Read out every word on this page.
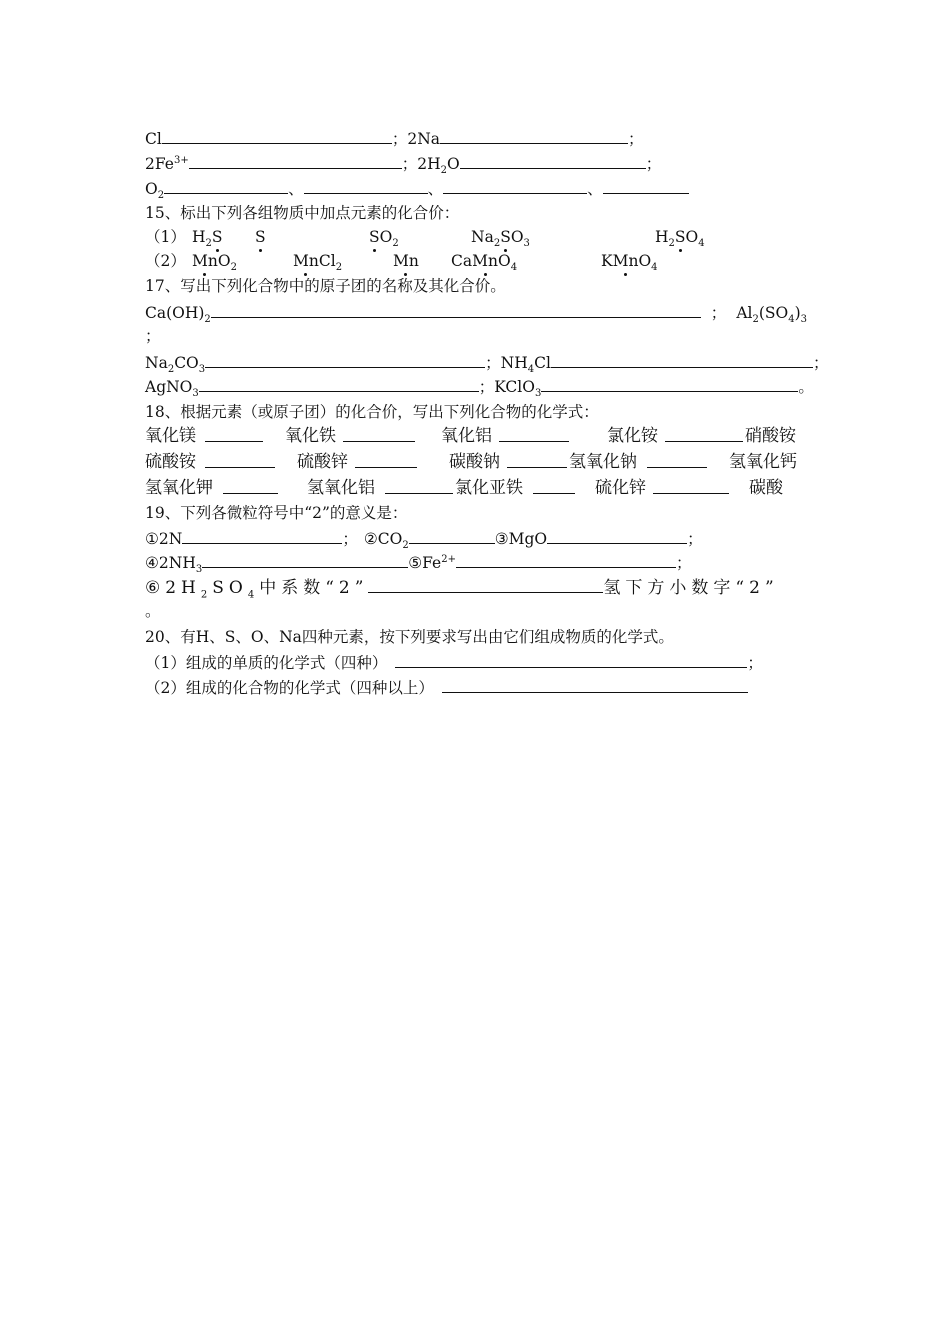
Cl	；2Na	；
$2Fe^{3+}$	；$2H_2O$	；
$O_2$	、	、	、
15、标出下列各组物质中加点元素的化合价：
（1） $H_2S$ S	$SO_2$	$Na_2SO_3$	$H_2SO_4$
（2） MnO$_2$	MnCl$_2$	Mn CaMnO$_4$	KMnO$_4$
17、写出下列化合物中的原子团的名称及其化合价。
$Ca(OH)_2$	； $Al_2(SO_4)_3$
；
$Na_2CO_3$	；$NH_4Cl$	；
AgNO$_3$	；KClO$_3$	。
18、根据元素（或原子团）的化合价，写出下列化合物的化学式：
氧化镁	氧化铁	氧化铝	氯化铵	硝酸铵
硫酸铵	硫酸锌	碳酸钠	氢氧化钠	氢氧化钙
氢氧化钾	氢氧化铝	氯化亚铁	硫化锌	碳酸
19、下列各微粒符号中“2”的意义是：
①2N	； $②CO_2$	③MgO	；
$④2NH_3$	$⑤Fe^{2+}$	；
$⑥2H_2SO_4$中系数“2”	氢下方小数字“2”
。
20、有H、S、O、Na四种元素，按下列要求写出由它们组成物质的化学式。
（1）组成的单质的化学式（四种）	；
（2）组成的化合物的化学式（四种以上）
